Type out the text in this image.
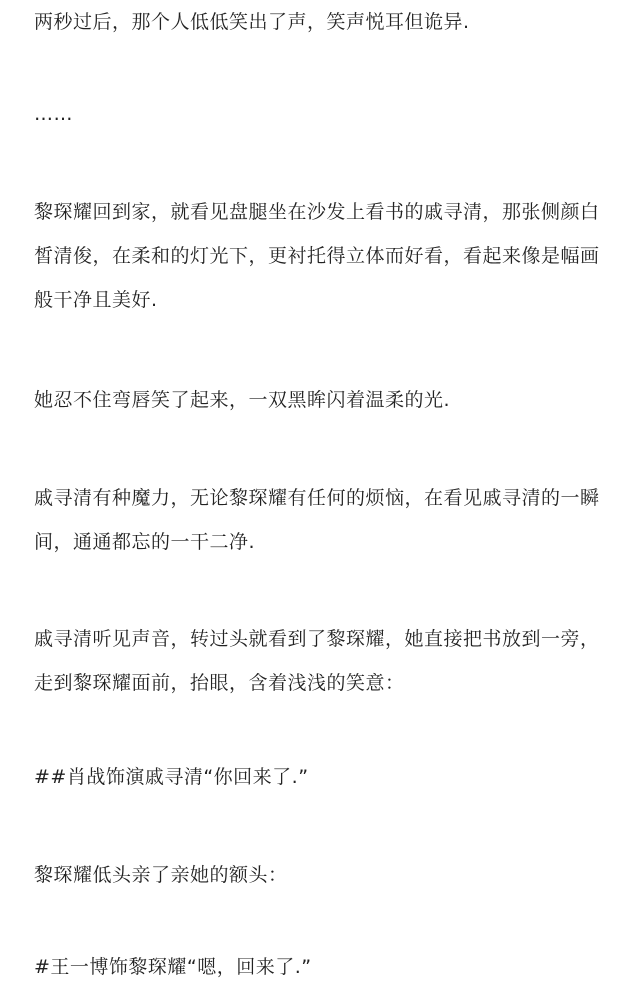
两秒过后，那个人低低笑出了声，笑声悦耳但诡异.

……

黎琛耀回到家，就看见盘腿坐在沙发上看书的戚寻清，那张侧颜白皙清俊，在柔和的灯光下，更衬托得立体而好看，看起来像是幅画般干净且美好.

她忍不住弯唇笑了起来，一双黑眸闪着温柔的光.

戚寻清有种魔力，无论黎琛耀有任何的烦恼，在看见戚寻清的一瞬间，通通都忘的一干二净.

戚寻清听见声音，转过头就看到了黎琛耀，她直接把书放到一旁，走到黎琛耀面前，抬眼，含着浅浅的笑意：

##肖战饰演戚寻清“你回来了.”

黎琛耀低头亲了亲她的额头：

#王一博饰黎琛耀“嗯，回来了.”
